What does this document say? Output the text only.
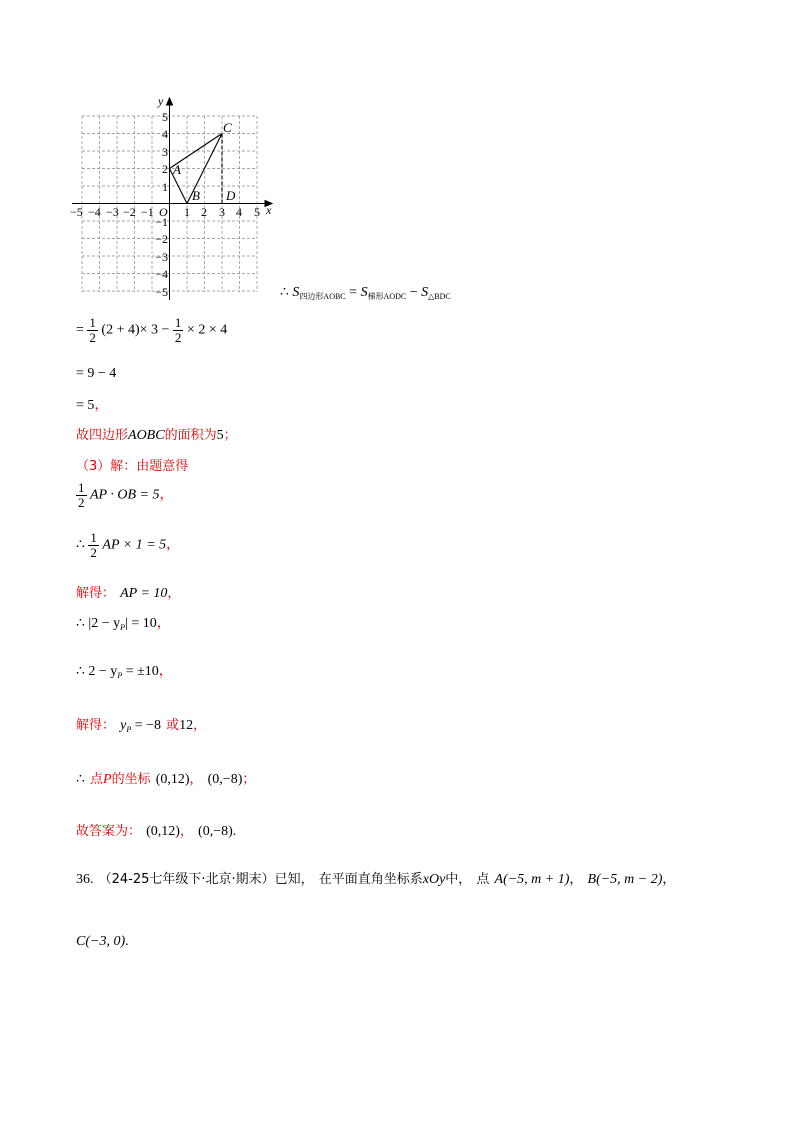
x
y
−5 −4 −3 −2 −1 O 1 2 3 4 5
5
4
3
2
1
−1
−2
−3
−4
−5
A
B
C
D
∴ $S_{四边形AOBC} = S_{梯形AODC} - S_{\triangle BDC}$
= $\frac{1}{2} (2 + 4)\times 3 - \frac{1}{2} \times 2 \times 4$
= 9 − 4
= 5，
故四边形AOBC的面积为5；
（3）解：由题意得
$\frac{1}{2}$ AP · OB = 5，
∴ $\frac{1}{2}$ AP × 1 = 5，
解得： AP = 10，
∴ $|2 - y_P| = 10$，
∴ $2 - y_P = \pm 10$，
解得： $y_P = -8$ 或12，
∴ 点P的坐标 (0,12)， (0,−8)；
故答案为： (0,12)， (0,−8).
36. （24-25七年级下·北京·期末）已知， 在平面直角坐标系xOy中， 点 A(−5, m + 1)， B(−5, m − 2)，
C(−3, 0).
